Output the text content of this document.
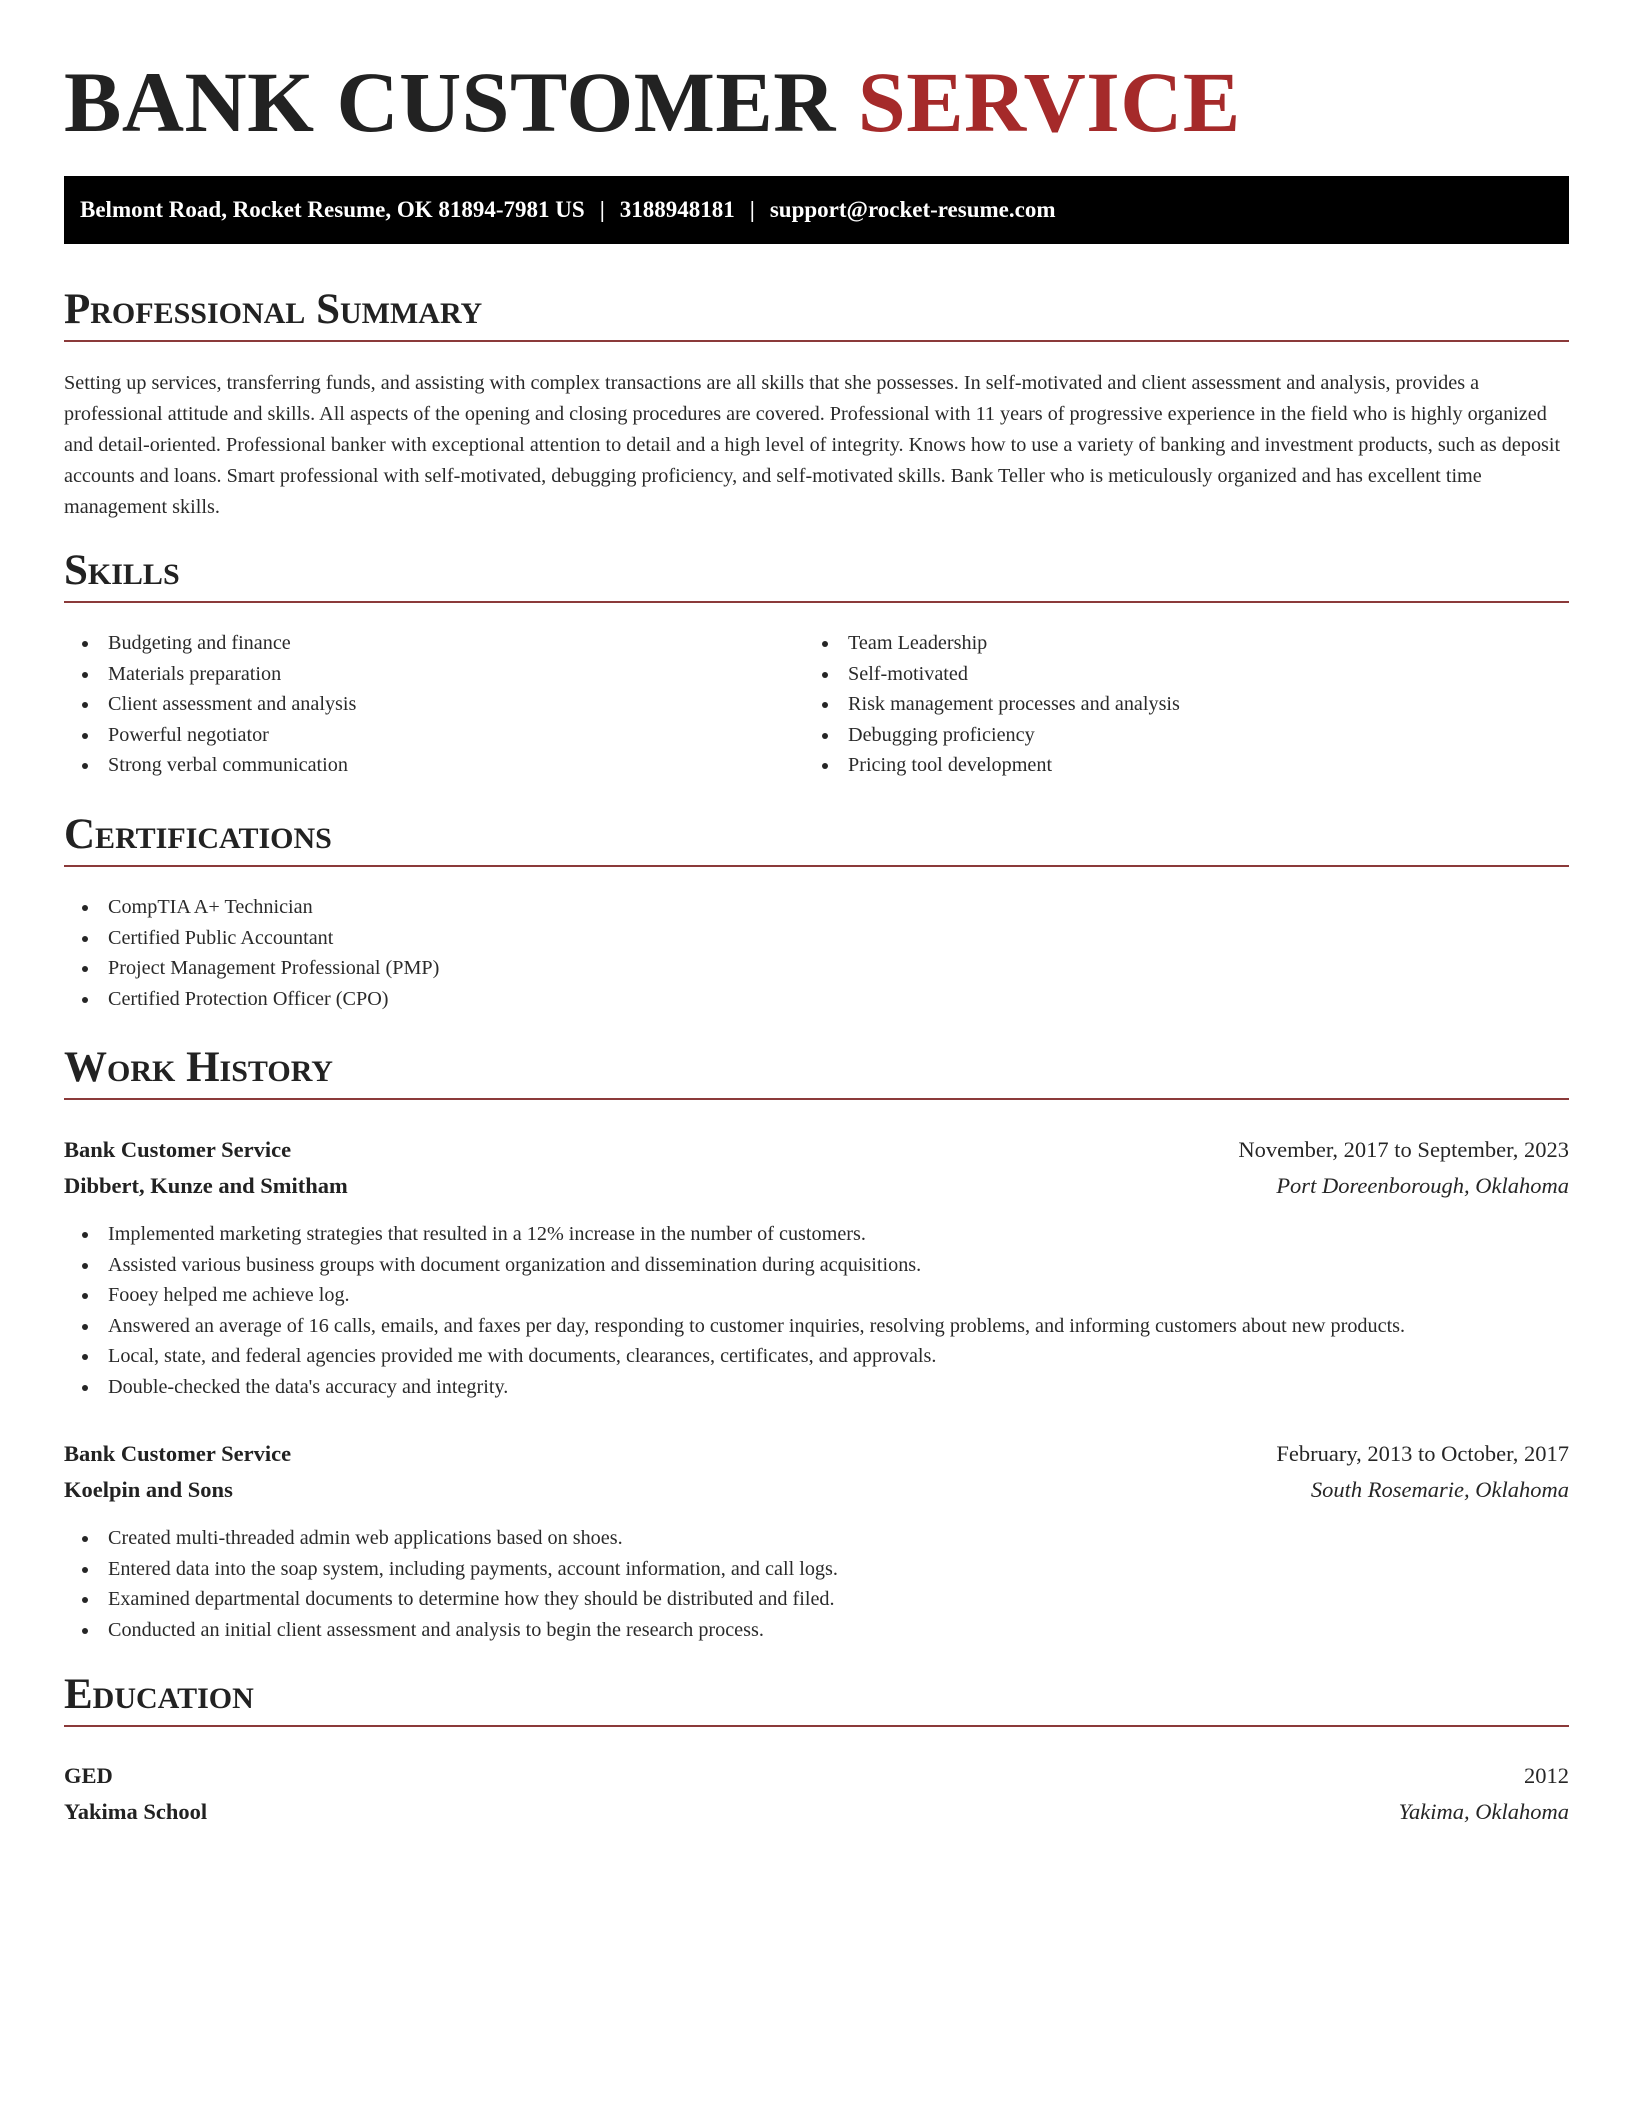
BANK CUSTOMER SERVICE
Belmont Road, Rocket Resume, OK 81894-7981 US | 3188948181 | support@rocket-resume.com
Professional Summary

Setting up services, transferring funds, and assisting with complex transactions are all skills that she possesses. In self-motivated and client assessment and analysis, provides a professional attitude and skills. All aspects of the opening and closing procedures are covered. Professional with 11 years of progressive experience in the field who is highly organized and detail-oriented. Professional banker with exceptional attention to detail and a high level of integrity. Knows how to use a variety of banking and investment products, such as deposit accounts and loans. Smart professional with self-motivated, debugging proficiency, and self-motivated skills. Bank Teller who is meticulously organized and has excellent time management skills.

Skills
Budgeting and finance
Materials preparation
Client assessment and analysis
Powerful negotiator
Strong verbal communication
Team Leadership
Self-motivated
Risk management processes and analysis
Debugging proficiency
Pricing tool development
Certifications
CompTIA A+ Technician
Certified Public Accountant
Project Management Professional (PMP)
Certified Protection Officer (CPO)
Work History
Bank Customer Service	November, 2017 to September, 2023
Dibbert, Kunze and Smitham	Port Doreenborough, Oklahoma
Implemented marketing strategies that resulted in a 12% increase in the number of customers.
Assisted various business groups with document organization and dissemination during acquisitions.
Fooey helped me achieve log.
Answered an average of 16 calls, emails, and faxes per day, responding to customer inquiries, resolving problems, and informing customers about new products.
Local, state, and federal agencies provided me with documents, clearances, certificates, and approvals.
Double-checked the data's accuracy and integrity.
Bank Customer Service	February, 2013 to October, 2017
Koelpin and Sons	South Rosemarie, Oklahoma
Created multi-threaded admin web applications based on shoes.
Entered data into the soap system, including payments, account information, and call logs.
Examined departmental documents to determine how they should be distributed and filed.
Conducted an initial client assessment and analysis to begin the research process.
Education
GED	2012
Yakima School	Yakima, Oklahoma
